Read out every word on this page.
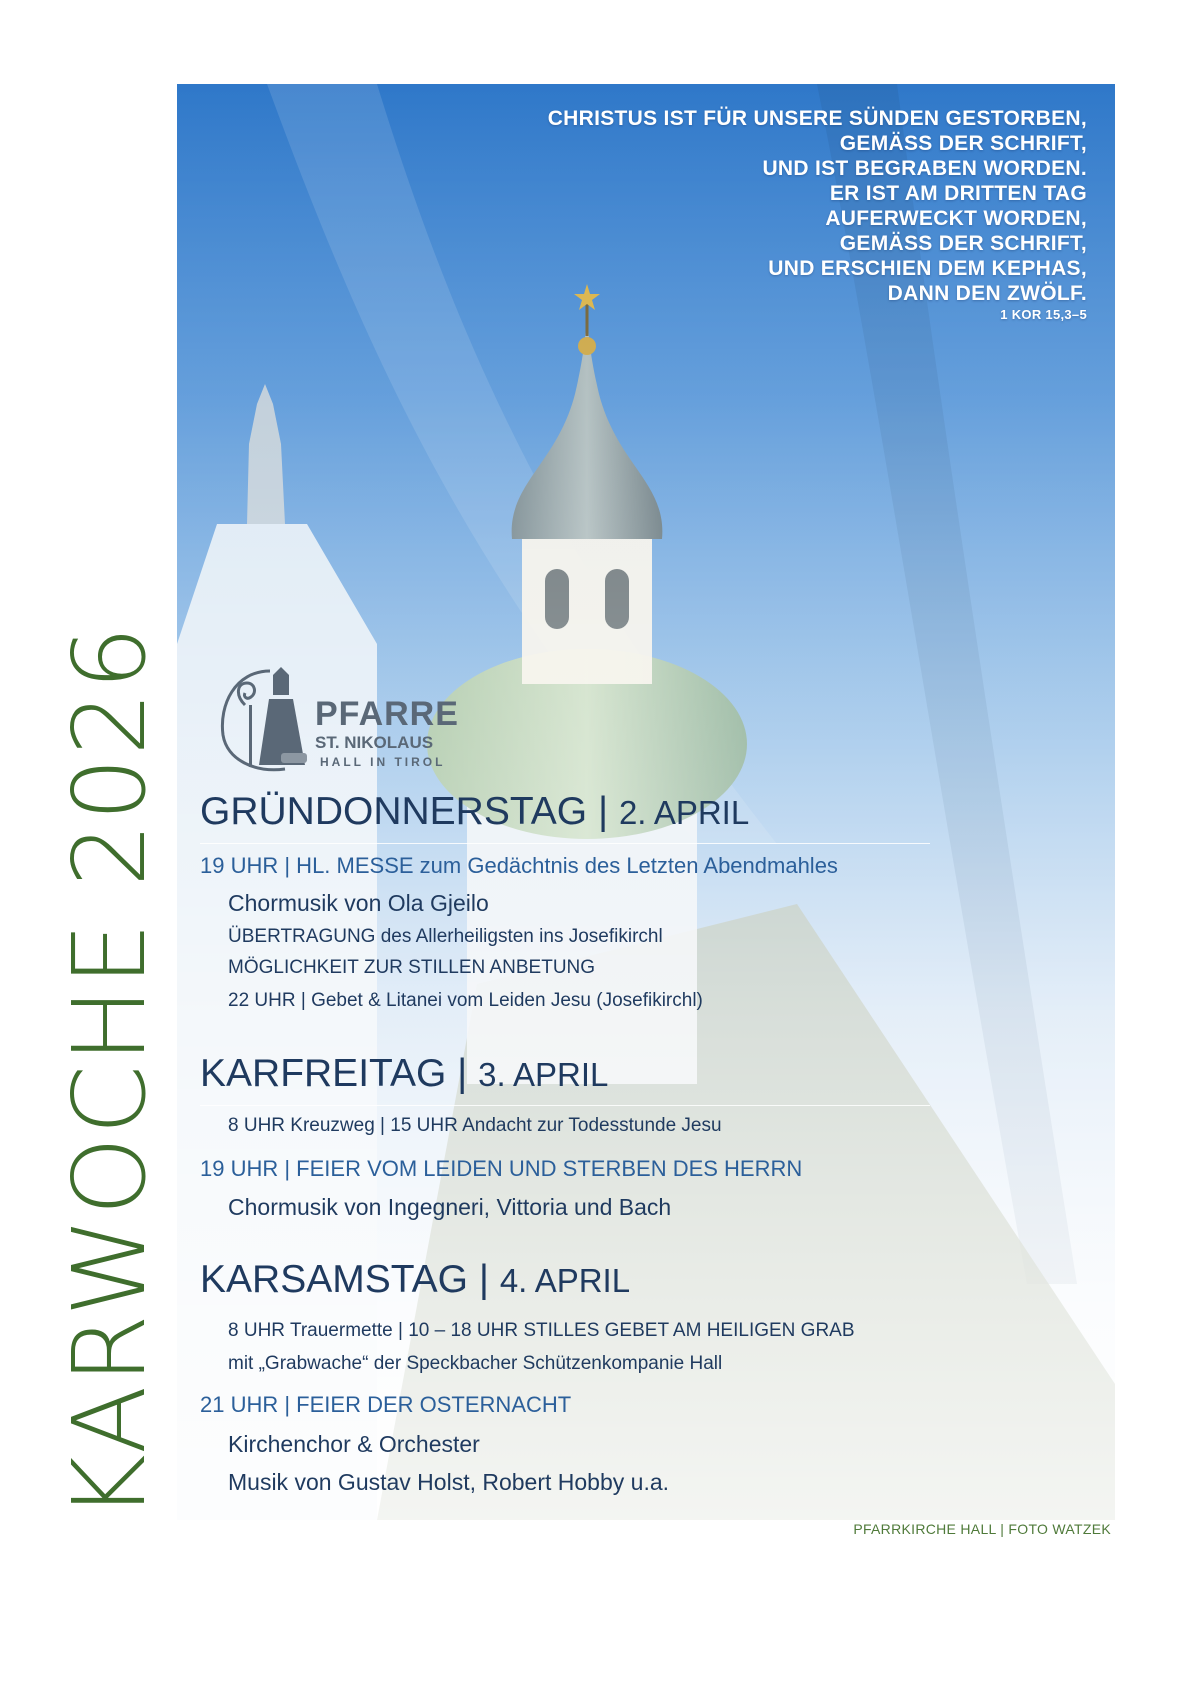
CHRISTUS IST FÜR UNSERE SÜNDEN GESTORBEN,
GEMÄSS DER SCHRIFT,
UND IST BEGRABEN WORDEN.
ER IST AM DRITTEN TAG
AUFERWECKT WORDEN,
GEMÄSS DER SCHRIFT,
UND ERSCHIEN DEM KEPHAS,
DANN DEN ZWÖLF.
1 KOR 15,3–5
KARWOCHE 2026	PFARRE
ST. NIKOLAUS
HALL IN TIROL
GRÜNDONNERSTAG | 2. APRIL
19 UHR | HL. MESSE zum Gedächtnis des Letzten Abendmahles
Chormusik von Ola Gjeilo
ÜBERTRAGUNG des Allerheiligsten ins Josefikirchl
MÖGLICHKEIT ZUR STILLEN ANBETUNG
22 UHR | Gebet & Litanei vom Leiden Jesu (Josefikirchl)
KARFREITAG | 3. APRIL
8 UHR Kreuzweg | 15 UHR Andacht zur Todesstunde Jesu
19 UHR | FEIER VOM LEIDEN UND STERBEN DES HERRN
Chormusik von Ingegneri, Vittoria und Bach
KARSAMSTAG | 4. APRIL
8 UHR Trauermette | 10 – 18 UHR STILLES GEBET AM HEILIGEN GRAB
mit „Grabwache“ der Speckbacher Schützenkompanie Hall
21 UHR | FEIER DER OSTERNACHT
Kirchenchor & Orchester
Musik von Gustav Holst, Robert Hobby u.a.
PFARRKIRCHE HALL | FOTO WATZEK
